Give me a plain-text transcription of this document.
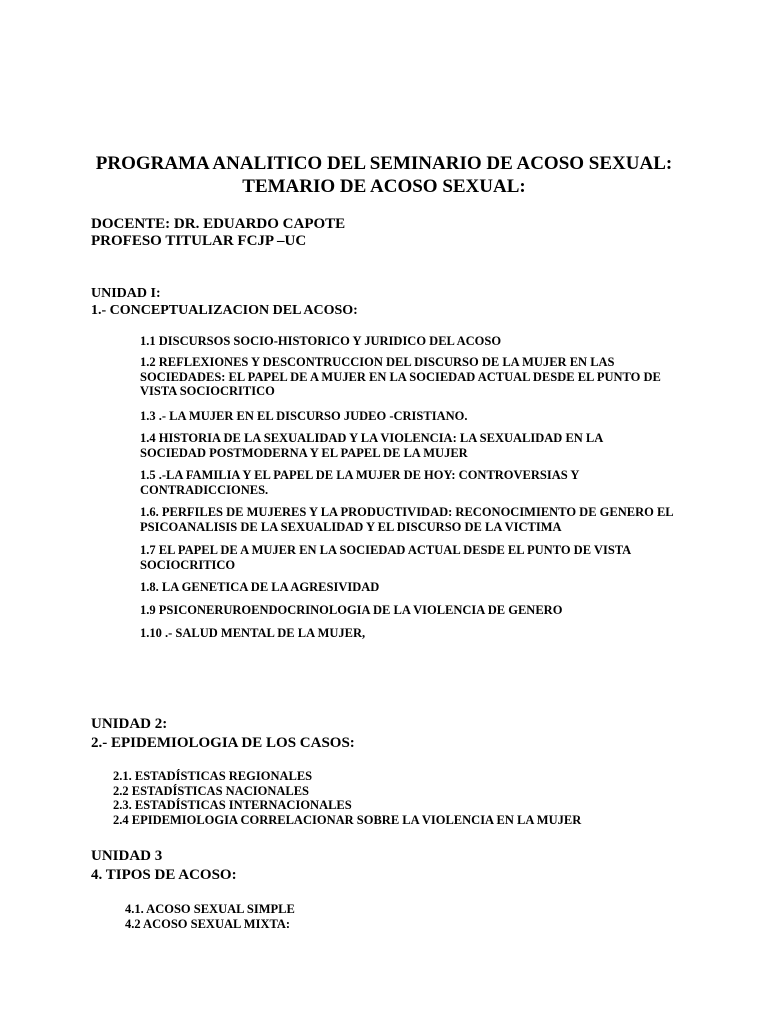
PROGRAMA ANALITICO DEL SEMINARIO DE ACOSO SEXUAL:
TEMARIO DE ACOSO SEXUAL:
DOCENTE: DR. EDUARDO CAPOTE
PROFESO TITULAR FCJP –UC
UNIDAD I:
1.- CONCEPTUALIZACION DEL ACOSO:

1.1 DISCURSOS SOCIO-HISTORICO Y JURIDICO DEL ACOSO

1.2 REFLEXIONES Y DESCONTRUCCION DEL DISCURSO DE LA MUJER EN LAS SOCIEDADES: EL PAPEL DE A MUJER EN LA SOCIEDAD ACTUAL DESDE EL PUNTO DE VISTA SOCIOCRITICO

1.3 .- LA MUJER EN EL DISCURSO JUDEO -CRISTIANO.

1.4 HISTORIA DE LA SEXUALIDAD Y LA VIOLENCIA: LA SEXUALIDAD EN LA SOCIEDAD POSTMODERNA Y EL PAPEL DE LA MUJER

1.5 .-LA FAMILIA Y EL PAPEL DE LA MUJER DE HOY: CONTROVERSIAS Y CONTRADICCIONES.

1.6. PERFILES DE MUJERES Y LA PRODUCTIVIDAD: RECONOCIMIENTO DE GENERO EL PSICOANALISIS DE LA SEXUALIDAD Y EL DISCURSO DE LA VICTIMA

1.7 EL PAPEL DE A MUJER EN LA SOCIEDAD ACTUAL DESDE EL PUNTO DE VISTA SOCIOCRITICO

1.8. LA GENETICA DE LA AGRESIVIDAD

1.9 PSICONERUROENDOCRINOLOGIA DE LA VIOLENCIA DE GENERO

1.10 .- SALUD MENTAL DE LA MUJER,

UNIDAD 2:
2.- EPIDEMIOLOGIA DE LOS CASOS:
2.1. ESTADÍSTICAS REGIONALES
2.2 ESTADÍSTICAS NACIONALES
2.3. ESTADÍSTICAS INTERNACIONALES
2.4 EPIDEMIOLOGIA CORRELACIONAR SOBRE LA VIOLENCIA EN LA MUJER
UNIDAD 3
4. TIPOS DE ACOSO:
4.1. ACOSO SEXUAL SIMPLE
4.2 ACOSO SEXUAL MIXTA:
